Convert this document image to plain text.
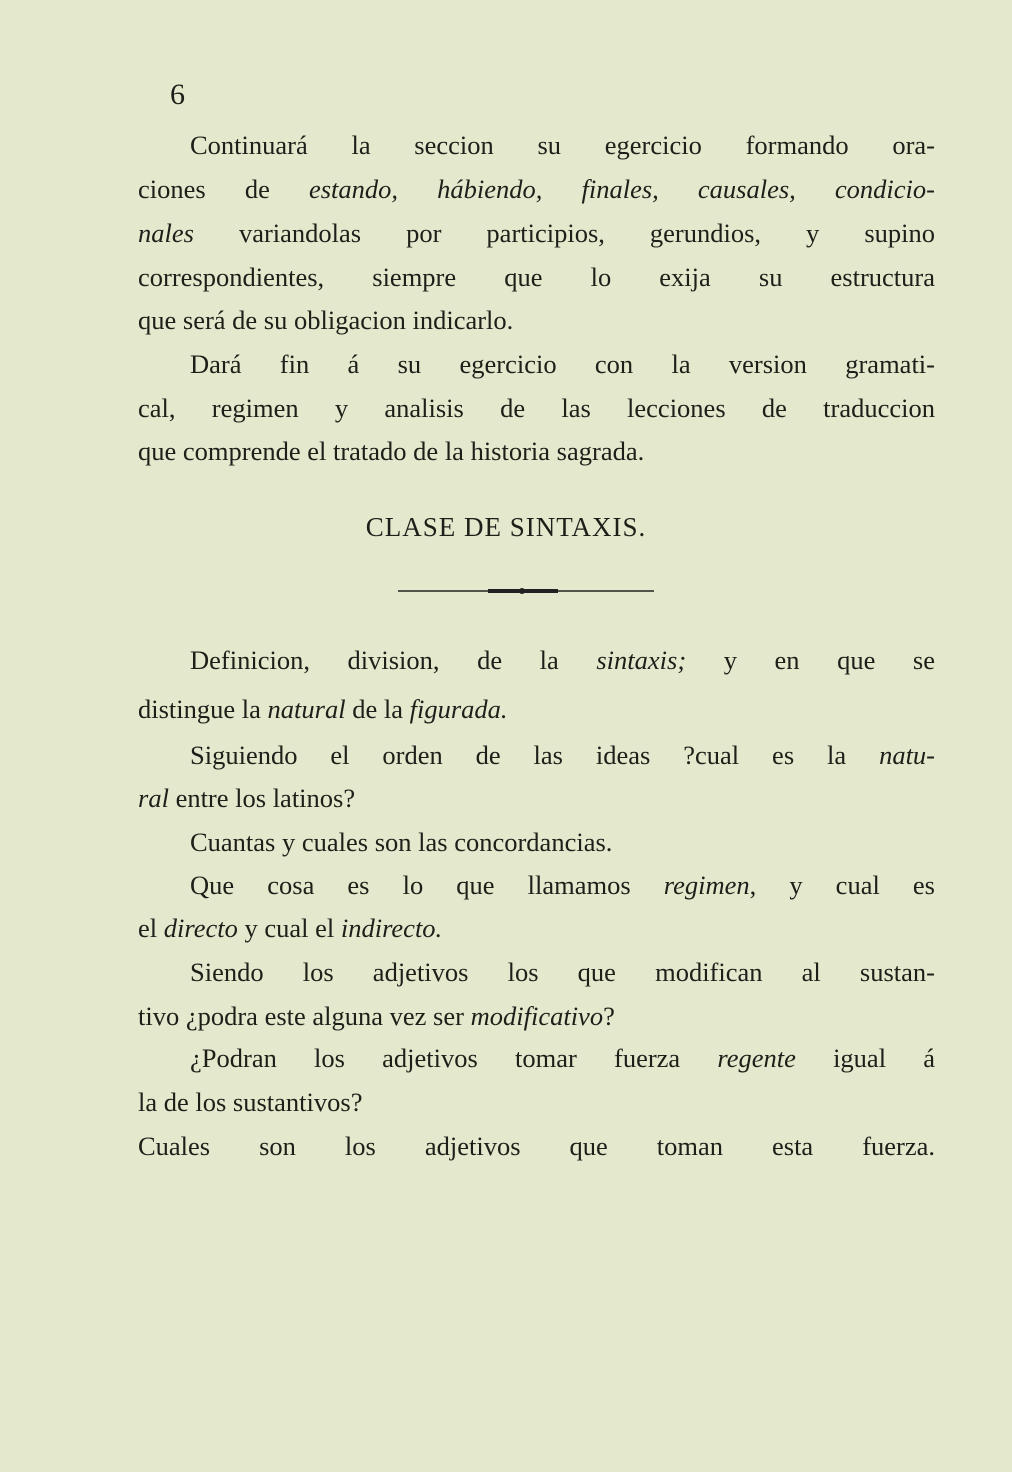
6
Continuará la seccion su egercicio formando ora-
ciones de estando, hábiendo, finales, causales, condicio-
nales variandolas por participios, gerundios, y supino
correspondientes, siempre que lo exija su estructura
que será de su obligacion indicarlo.
Dará fin á su egercicio con la version gramati-
cal, regimen y analisis de las lecciones de traduccion
que comprende el tratado de la historia sagrada.
Definicion, division, de la sintaxis; y en que se
distingue la natural de la figurada.
Siguiendo el orden de las ideas ?cual es la natu-
ral entre los latinos?
Cuantas y cuales son las concordancias.
Que cosa es lo que llamamos regimen, y cual es
el directo y cual el indirecto.
Siendo los adjetivos los que modifican al sustan-
tivo ¿podra este alguna vez ser modificativo?
¿Podran los adjetivos tomar fuerza regente igual á
la de los sustantivos?
Cuales son los adjetivos que toman esta fuerza.
CLASE DE SINTAXIS.
